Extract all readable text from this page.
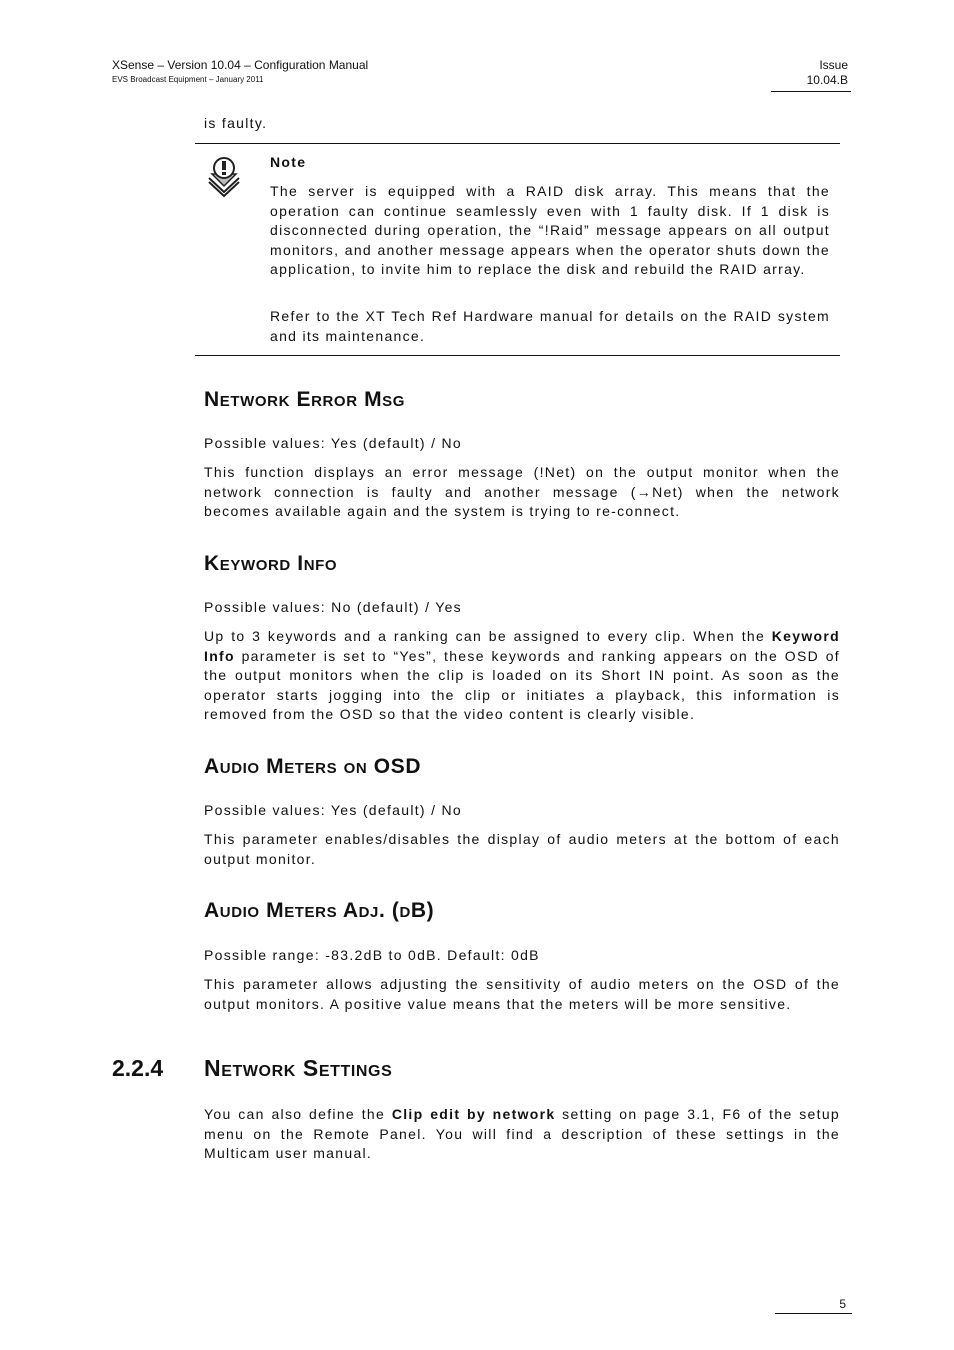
XSense – Version 10.04 – Configuration Manual
EVS Broadcast Equipment – January 2011
Issue
10.04.B

is faulty.

Note

The server is equipped with a RAID disk array. This means that the operation can continue seamlessly even with 1 faulty disk. If 1 disk is disconnected during operation, the “!Raid” message appears on all output monitors, and another message appears when the operator shuts down the application, to invite him to replace the disk and rebuild the RAID array.

Refer to the XT Tech Ref Hardware manual for details on the RAID system and its maintenance.

Network Error Msg

Possible values: Yes (default) / No

This function displays an error message (!Net) on the output monitor when the network connection is faulty and another message (→Net) when the network becomes available again and the system is trying to re-connect.

Keyword Info

Possible values: No (default) / Yes

Up to 3 keywords and a ranking can be assigned to every clip. When the Keyword Info parameter is set to “Yes”, these keywords and ranking appears on the OSD of the output monitors when the clip is loaded on its Short IN point. As soon as the operator starts jogging into the clip or initiates a playback, this information is removed from the OSD so that the video content is clearly visible.

Audio Meters on OSD

Possible values: Yes (default) / No

This parameter enables/disables the display of audio meters at the bottom of each output monitor.

Audio Meters Adj. (dB)

Possible range: -83.2dB to 0dB. Default: 0dB

This parameter allows adjusting the sensitivity of audio meters on the OSD of the output monitors. A positive value means that the meters will be more sensitive.

2.2.4 Network Settings

You can also define the Clip edit by network setting on page 3.1, F6 of the setup menu on the Remote Panel. You will find a description of these settings in the Multicam user manual.

5
